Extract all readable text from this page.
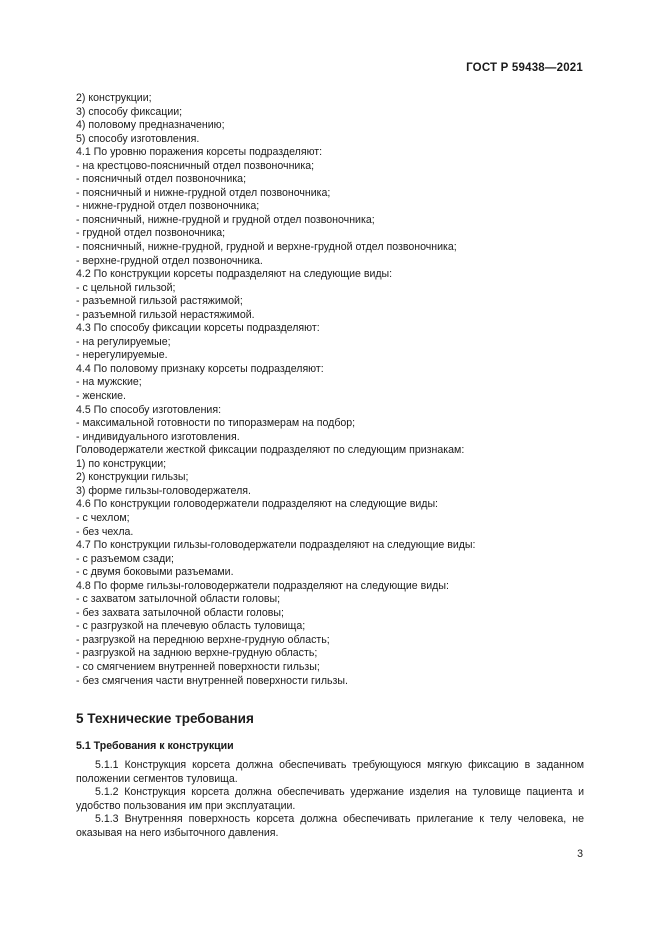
ГОСТ Р 59438—2021
2) конструкции;
3) способу фиксации;
4) половому предназначению;
5) способу изготовления.
4.1 По уровню поражения корсеты подразделяют:
- на крестцово-поясничный отдел позвоночника;
- поясничный отдел позвоночника;
- поясничный и нижне-грудной отдел позвоночника;
- нижне-грудной отдел позвоночника;
- поясничный, нижне-грудной и грудной отдел позвоночника;
- грудной отдел позвоночника;
- поясничный, нижне-грудной, грудной и верхне-грудной отдел позвоночника;
- верхне-грудной отдел позвоночника.
4.2 По конструкции корсеты подразделяют на следующие виды:
- с цельной гильзой;
- разъемной гильзой растяжимой;
- разъемной гильзой нерастяжимой.
4.3 По способу фиксации корсеты подразделяют:
- на регулируемые;
- нерегулируемые.
4.4 По половому признаку корсеты подразделяют:
- на мужские;
- женские.
4.5 По способу изготовления:
- максимальной готовности по типоразмерам на подбор;
- индивидуального изготовления.
Головодержатели жесткой фиксации подразделяют по следующим признакам:
1) по конструкции;
2) конструкции гильзы;
3) форме гильзы-головодержателя.
4.6 По конструкции головодержатели подразделяют на следующие виды:
- с чехлом;
- без чехла.
4.7 По конструкции гильзы-головодержатели подразделяют на следующие виды:
- с разъемом сзади;
- с двумя боковыми разъемами.
4.8 По форме гильзы-головодержатели подразделяют на следующие виды:
- с захватом затылочной области головы;
- без захвата затылочной области головы;
- с разгрузкой на плечевую область туловища;
- разгрузкой на переднюю верхне-грудную область;
- разгрузкой на заднюю верхне-грудную область;
- со смягчением внутренней поверхности гильзы;
- без смягчения части внутренней поверхности гильзы.
5 Технические требования
5.1 Требования к конструкции

5.1.1 Конструкция корсета должна обеспечивать требующуюся мягкую фиксацию в заданном положении сегментов туловища.

5.1.2 Конструкция корсета должна обеспечивать удержание изделия на туловище пациента и удобство пользования им при эксплуатации.

5.1.3 Внутренняя поверхность корсета должна обеспечивать прилегание к телу человека, не оказывая на него избыточного давления.

3
